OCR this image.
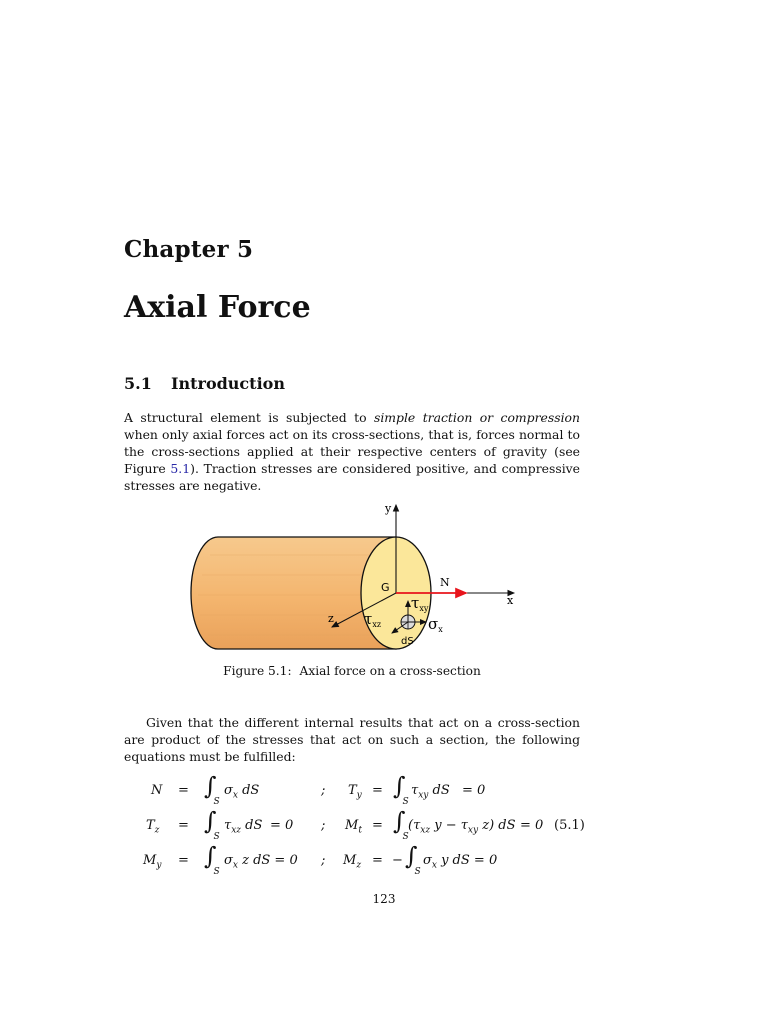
Chapter 5
Axial Force
5.1 Introduction
A structural element is subjected to simple traction or compression when only axial forces act on its cross-sections, that is, forces normal to the cross-sections applied at their respective centers of gravity (see Figure 5.1). Traction stresses are considered positive, and compressive stresses are negative.
y
x
z
N
G
$\tau_{xy}$
$\tau_{xz}$	$\sigma_x$
dS
Figure 5.1: Axial force on a cross-section
Given that the different internal results that act on a cross-section are product of the stresses that act on such a section, the following equations must be fulfilled:
$N = \int_S$
$\sigma_x$ dS	; $T_y = \int_S$
$\tau_{xy}$ dS = 0
$T_z = \int_S$
$\tau_{xz}$ dS = 0 ; $M_t = \int_S$
($\tau_{xz}$ $y - \tau_{xy}$ z) dS = 0 (5.1)
$M_y = \int_S$
$\sigma_x$ z dS = 0 ; $M_z$ = − $\int_S$
$\sigma_x$ y dS = 0
123
